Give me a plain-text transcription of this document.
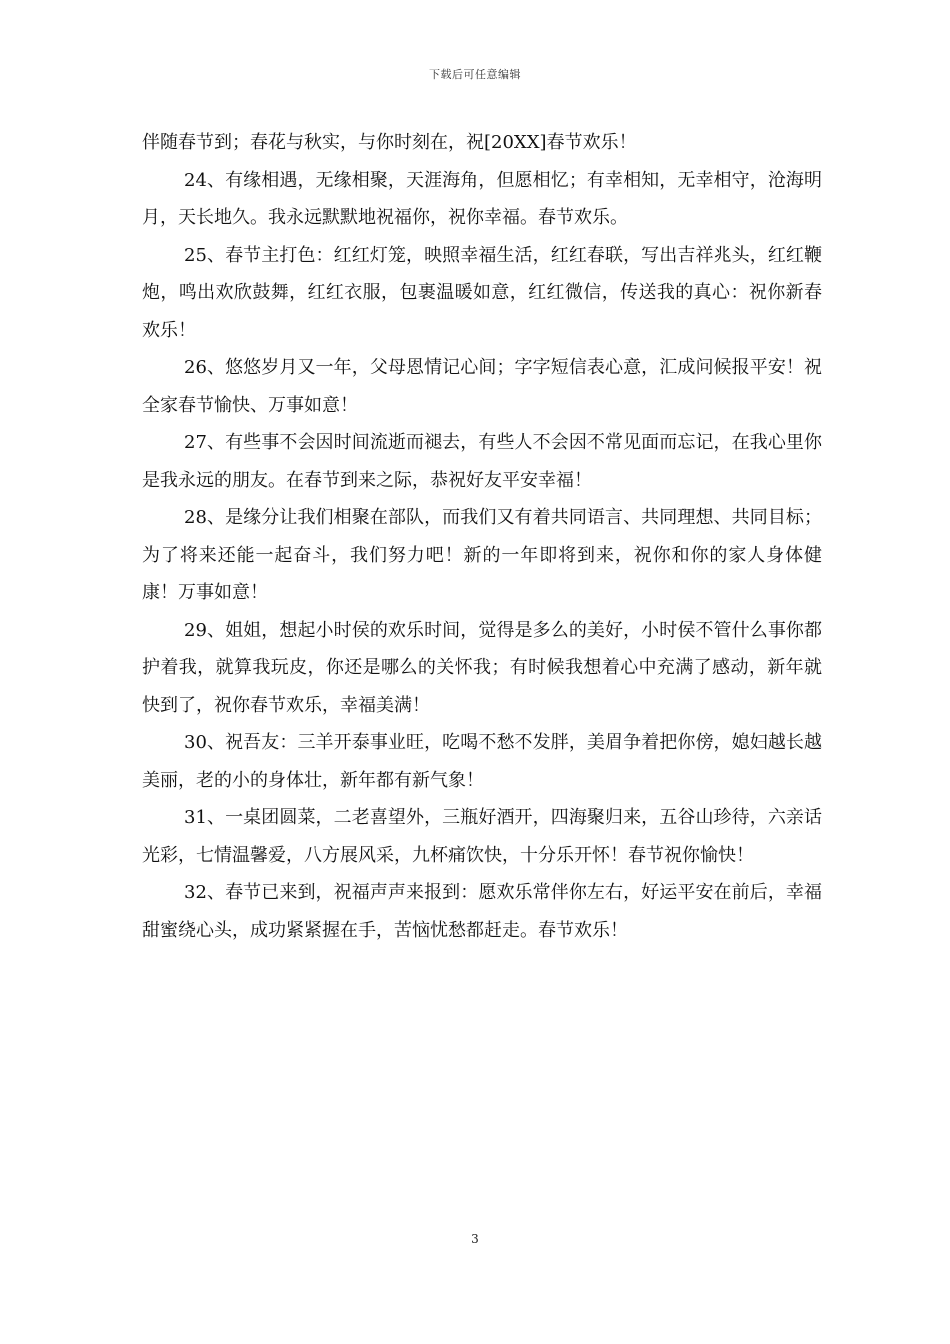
下载后可任意编辑

伴随春节到；春花与秋实，与你时刻在，祝[20XX]春节欢乐！

24、有缘相遇，无缘相聚，天涯海角，但愿相忆；有幸相知，无幸相守，沧海明月，天长地久。我永远默默地祝福你，祝你幸福。春节欢乐。

25、春节主打色：红红灯笼，映照幸福生活，红红春联，写出吉祥兆头，红红鞭炮，鸣出欢欣鼓舞，红红衣服，包裹温暖如意，红红微信，传送我的真心：祝你新春欢乐！

26、悠悠岁月又一年，父母恩情记心间；字字短信表心意，汇成问候报平安！祝全家春节愉快、万事如意！

27、有些事不会因时间流逝而褪去，有些人不会因不常见面而忘记，在我心里你是我永远的朋友。在春节到来之际，恭祝好友平安幸福！

28、是缘分让我们相聚在部队，而我们又有着共同语言、共同理想、共同目标；为了将来还能一起奋斗，我们努力吧！新的一年即将到来，祝你和你的家人身体健康！万事如意！

29、姐姐，想起小时侯的欢乐时间，觉得是多么的美好，小时侯不管什么事你都护着我，就算我玩皮，你还是哪么的关怀我；有时候我想着心中充满了感动，新年就快到了，祝你春节欢乐，幸福美满！

30、祝吾友：三羊开泰事业旺，吃喝不愁不发胖，美眉争着把你傍，媳妇越长越美丽，老的小的身体壮，新年都有新气象！

31、一桌团圆菜，二老喜望外，三瓶好酒开，四海聚归来，五谷山珍待，六亲话光彩，七情温馨爱，八方展风采，九杯痛饮快，十分乐开怀！春节祝你愉快！

32、春节已来到，祝福声声来报到：愿欢乐常伴你左右，好运平安在前后，幸福甜蜜绕心头，成功紧紧握在手，苦恼忧愁都赶走。春节欢乐！

3
